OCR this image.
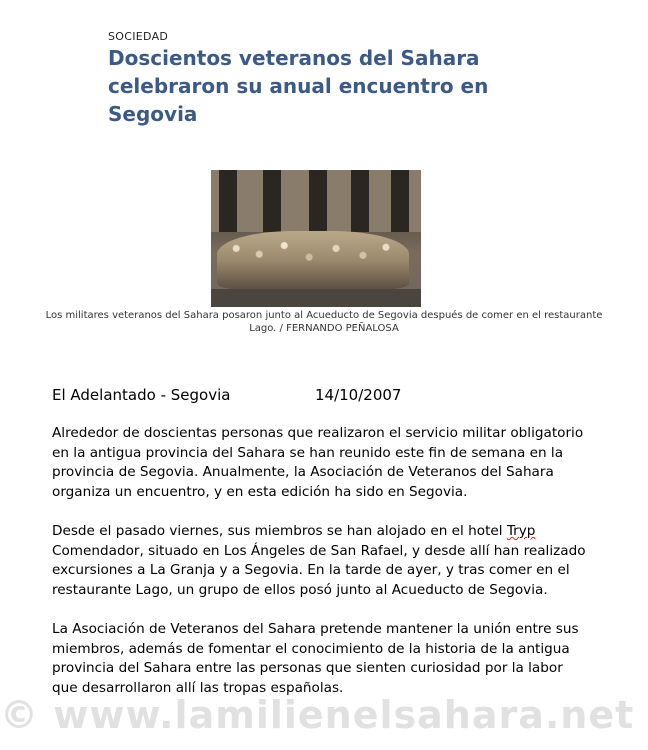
SOCIEDAD
Doscientos veteranos del Sahara celebraron su anual encuentro en Segovia

Los militares veteranos del Sahara posaron junto al Acueducto de Segovia después de comer en el restaurante Lago. / FERNANDO PEÑALOSA

El Adelantado - Segovia	14/10/2007

Alrededor de doscientas personas que realizaron el servicio militar obligatorio en la antigua provincia del Sahara se han reunido este fin de semana en la provincia de Segovia. Anualmente, la Asociación de Veteranos del Sahara organiza un encuentro, y en esta edición ha sido en Segovia.

Desde el pasado viernes, sus miembros se han alojado en el hotel Tryp Comendador, situado en Los Ángeles de San Rafael, y desde allí han realizado excursiones a La Granja y a Segovia. En la tarde de ayer, y tras comer en el restaurante Lago, un grupo de ellos posó junto al Acueducto de Segovia.

La Asociación de Veteranos del Sahara pretende mantener la unión entre sus miembros, además de fomentar el conocimiento de la historia de la antigua provincia del Sahara entre las personas que sienten curiosidad por la labor que desarrollaron allí las tropas españolas.

© www.lamilienelsahara.net
